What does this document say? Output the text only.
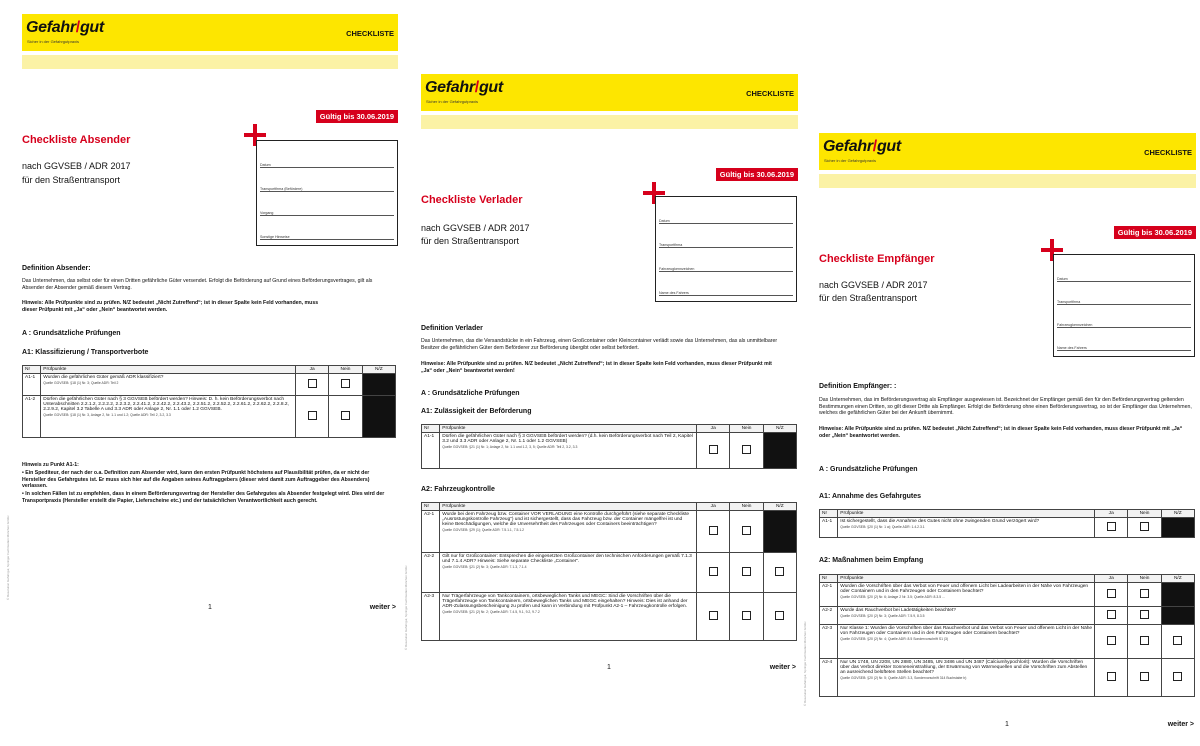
Gefahr/gut
Sicher in der Gefahrgutpraxis
CHECKLISTE
Gültig bis 30.06.2019
Datum
Transportfirma (Befördere)
Vorgang
Sonstige Hinweise
Checkliste Absender
nach GGVSEB / ADR 2017
für den Straßentransport
Definition Absender:
Das Unternehmen, das selbst oder für einen Dritten gefährliche Güter versendet. Erfolgt die Beförderung auf Grund eines Beförderungsvertrages, gilt als Absender der Absender gemäß diesem Vertrag.
Hinweis: Alle Prüfpunkte sind zu prüfen. N/Z bedeutet „Nicht Zutreffend“; ist in dieser Spalte kein Feld vorhanden, muss dieser Prüfpunkt mit „Ja“ oder „Nein“ beantwortet werden.
A : Grundsätzliche Prüfungen
A1: Klassifizierung / Transportverbote
Nr	Prüfpunkte	Ja	Nein	N/Z
A1-1	Wurden die gefährlichen Güter gemäß ADR klassifiziert?
Quelle GGVSEB: §18 (1) Nr. 3; Quelle ADR: Teil 2			

A1-2	Dürfen die gefährlichen Güter nach § 3 GGVSEB befördert werden? Hinweis: D. h. kein Beförderungsverbot nach Unterabschnitten 2.2.1.2, 2.2.2.2, 2.2.3.2, 2.2.41.2, 2.2.42.2, 2.2.43.2, 2.2.51.2, 2.2.52.2, 2.2.61.2, 2.2.62.2, 2.2.8.2, 2.2.9.2, Kapitel 3.2 Tabelle A und 3.3 ADR oder Anlage 2, Nr. 1.1 oder 1.2 GGVSEB.
Quelle GGVSEB: §18 (1) Nr. 3, Anlage 2, Nr. 1.1 und 1.2; Quelle ADR: Teil 2, 3.2, 3.3			

Hinweis zu Punkt A1-1:
• Ein Spediteur, der nach der o.a. Definition zum Absender wird, kann den ersten Prüfpunkt höchstens auf Plausibilität prüfen, da er nicht der Hersteller des Gefahrgutes ist. Er muss sich hier auf die Angaben seines Auftraggebers (dieser wird damit zum Auftraggeber des Absenders) verlassen.
• In solchen Fällen ist zu empfehlen, dass in einem Beförderungsvertrag der Hersteller des Gefahrgutes als Absender festgelegt wird. Dies wird der Transportpraxis (Hersteller erstellt die Papier, Lieferscheine etc.) und der tatsächlichen Verantwortlichkeit auch gerecht.
1	weiter >
Gefahr/gut
Sicher in der Gefahrgutpraxis
CHECKLISTE
Gültig bis 30.06.2019
Datum
Transportfirma
Fahrzeugkennzeichen
Name des Fahrers
Checkliste Verlader
nach GGVSEB / ADR 2017
für den Straßentransport
Definition Verlader
Das Unternehmen, das die Versandstücke in ein Fahrzeug, einen Großcontainer oder Kleincontainer verlädt sowie das Unternehmen, das als unmittelbarer Besitzer die gefährlichen Güter dem Beförderer zur Beförderung übergibt oder selbst befördert.
Hinweise: Alle Prüfpunkte sind zu prüfen. N/Z bedeutet „Nicht Zutreffend“; ist in dieser Spalte kein Feld vorhanden, muss dieser Prüfpunkt mit „Ja“ oder „Nein“ beantwortet werden!
A : Grundsätzliche Prüfungen
A1: Zulässigkeit der Beförderung
Nr	Prüfpunkte	Ja	Nein	N/Z
A1-1	Dürfen die gefährlichen Güter nach § 3 GGVSEB befördert werden? (d.h. kein Beförderungsverbot nach Teil 2, Kapitel 3.2 und 3.3 ADR oder Anlage 2, Nr. 1.1 oder 1.2 GGVSEB)
Quelle GGVSEB: §21 (1) Nr. 1; Anlage 2, Nr. 1.1 und 1.2, 3, 5; Quelle ADR: Teil 2, 3.2, 3.3			

A2: Fahrzeugkontrolle
Nr	Prüfpunkte	Ja	Nein	N/Z
A2-1	Wurde bei dem Fahrzeug bzw. Container VOR VERLADUNG eine Kontrolle durchgeführt (siehe separate Checkliste „Ausrüstungskontrolle Fahrzeug“) und ist sichergestellt, dass das Fahrzeug bzw. der Container mängelfrei ist und keine Beschädigungen, welche die Unversehrtheit des Fahrzeuges oder Containers beeinträchtigen?
Quelle GGVSEB: §29 (1); Quelle ADR: 7.5.1.1, 7.5.1.2			

A2-2	Gilt nur für Großcontainer: Entsprechen die eingesetzten Großcontainer den technischen Anforderungen gemäß 7.1.3 und 7.1.4 ADR? Hinweis: Siehe separate Checkliste „Container“.
Quelle GGVSEB: §21 (2) Nr. 3; Quelle ADR: 7.1.3, 7.1.4			

A2-3	Nur Trägerfahrzeuge von Tankcontainern, ortsbeweglichen Tanks und MEGC: Sind die Vorschriften über die Trägerfahrzeuge von Tankcontainern, ortsbeweglichen Tanks und MEGC eingehalten? Hinweis: Dies ist anhand der ADR-Zulassungsbescheinigung zu prüfen und kann in Verbindung mit Prüfpunkt A2-1 – Fahrzeugkontrolle erfolgen.
Quelle GGVSEB: §21 (2) Nr. 2; Quelle ADR: 7.4.5, 9.1, 9.2, 9.7.2			

1	weiter >
Gefahr/gut
Sicher in der Gefahrgutpraxis
CHECKLISTE
Gültig bis 30.06.2019
Datum
Transportfirma
Fahrzeugkennzeichen
Name des Fahrers
Checkliste Empfänger
nach GGVSEB / ADR 2017
für den Straßentransport
Definition Empfänger: :
Das Unternehmen, das im Beförderungsvertrag als Empfänger ausgewiesen ist. Bezeichnet der Empfänger gemäß den für den Beförderungsvertrag geltenden Bestimmungen einen Dritten, so gilt dieser Dritte als Empfänger. Erfolgt die Beförderung ohne einen Beförderungsvertrag, so ist der Empfänger das Unternehmen, welches die gefährlichen Güter bei der Ankunft übernimmt.
Hinweise: Alle Prüfpunkte sind zu prüfen. N/Z bedeutet „Nicht Zutreffend“; ist in dieser Spalte kein Feld vorhanden, muss dieser Prüfpunkt mit „Ja“ oder „Nein“ beantwortet werden.
A : Grundsätzliche Prüfungen
A1: Annahme des Gefahrgutes
Nr	Prüfpunkte	Ja	Nein	N/Z
A1-1	Ist sichergestellt, dass die Annahme des Gutes nicht ohne zwingenden Grund verzögert wird?
Quelle GGVSEB: §20 (1) Nr. 1 a); Quelle ADR: 1.4.2.3.1			

A2: Maßnahmen beim Empfang
Nr	Prüfpunkte	Ja	Nein	N/Z
A2-1	Wurden die Vorschriften über das Verbot von Feuer und offenem Licht bei Ladearbeiten in der Nähe von Fahrzeugen oder Containern und in den Fahrzeugen oder Containern beachtet?
Quelle GGVSEB: §20 (2) Nr. 6; Anlage 2 Nr. 3.5; Quelle ADR: 8.3.5 ...			

A2-2	Wurde das Rauchverbot bei Ladetätigkeiten beachtet?
Quelle GGVSEB: §20 (2) Nr. 3; Quelle ADR: 7.5.9, 8.3.5			

A2-3	Nur Klasse 1: Wurden die Vorschriften über das Rauchverbot und das Verbot von Feuer und offenem Licht in der Nähe von Fahrzeugen oder Containern und in den Fahrzeugen oder Containern beachtet?
Quelle GGVSEB: §20 (2) Nr. 4; Quelle ADR: 8.5 Sondervorschrift S1 (3)			

A2-4	Nur UN 1748, UN 2208, UN 2880, UN 3485, UN 3486 und UN 3487 (Calciumhypochlorit): Wurden die Vorschriften über das Verbot direkter Sonneneinstrahlung, der Erwärmung von Wärmequellen und die Vorschriften zum Abstellen an ausreichend belüfteten Stellen beachtet?
Quelle GGVSEB: §20 (2) Nr. 5; Quelle ADR: 3.3, Sondervorschrift 314 Buchstabe b)			

1	weiter >
© Resolution Gefahrgut, Springer Fachmedien München GmbH
© Resolution Gefahrgut, Springer Fachmedien München GmbH
© Resolution Gefahrgut, Springer Fachmedien München GmbH
